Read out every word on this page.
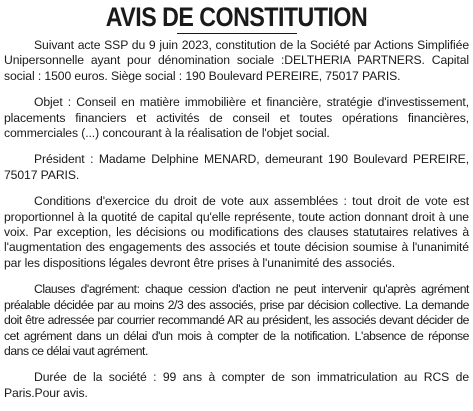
AVIS DE CONSTITUTION

Suivant acte SSP du 9 juin 2023, constitution de la Société par Actions Simplifiée Unipersonnelle ayant pour dénomination sociale :DELTHERIA PARTNERS. Capital social : 1500 euros. Siège social : 190 Boulevard PEREIRE, 75017 PARIS.

Objet : Conseil en matière immobilière et financière, stratégie d'investissement, placements financiers et activités de conseil et toutes opérations financières, commerciales (...) concourant à la réalisation de l'objet social.

Président : Madame Delphine MENARD, demeurant 190 Boulevard PEREIRE, 75017 PARIS.

Conditions d'exercice du droit de vote aux assemblées : tout droit de vote est proportionnel à la quotité de capital qu'elle représente, toute action donnant droit à une voix. Par exception, les décisions ou modifications des clauses statutaires relatives à l'augmentation des engagements des associés et toute décision soumise à l'unanimité par les dispositions légales devront être prises à l'unanimité des associés.

Clauses d'agrément: chaque cession d'action ne peut intervenir qu'après agrément préalable décidée par au moins 2/3 des associés, prise par décision collective. La demande doit être adressée par courrier recommandé AR au président, les associés devant décider de cet agrément dans un délai d'un mois à compter de la notification. L'absence de réponse dans ce délai vaut agrément.

Durée de la société : 99 ans à compter de son immatriculation au RCS de Paris.Pour avis.
